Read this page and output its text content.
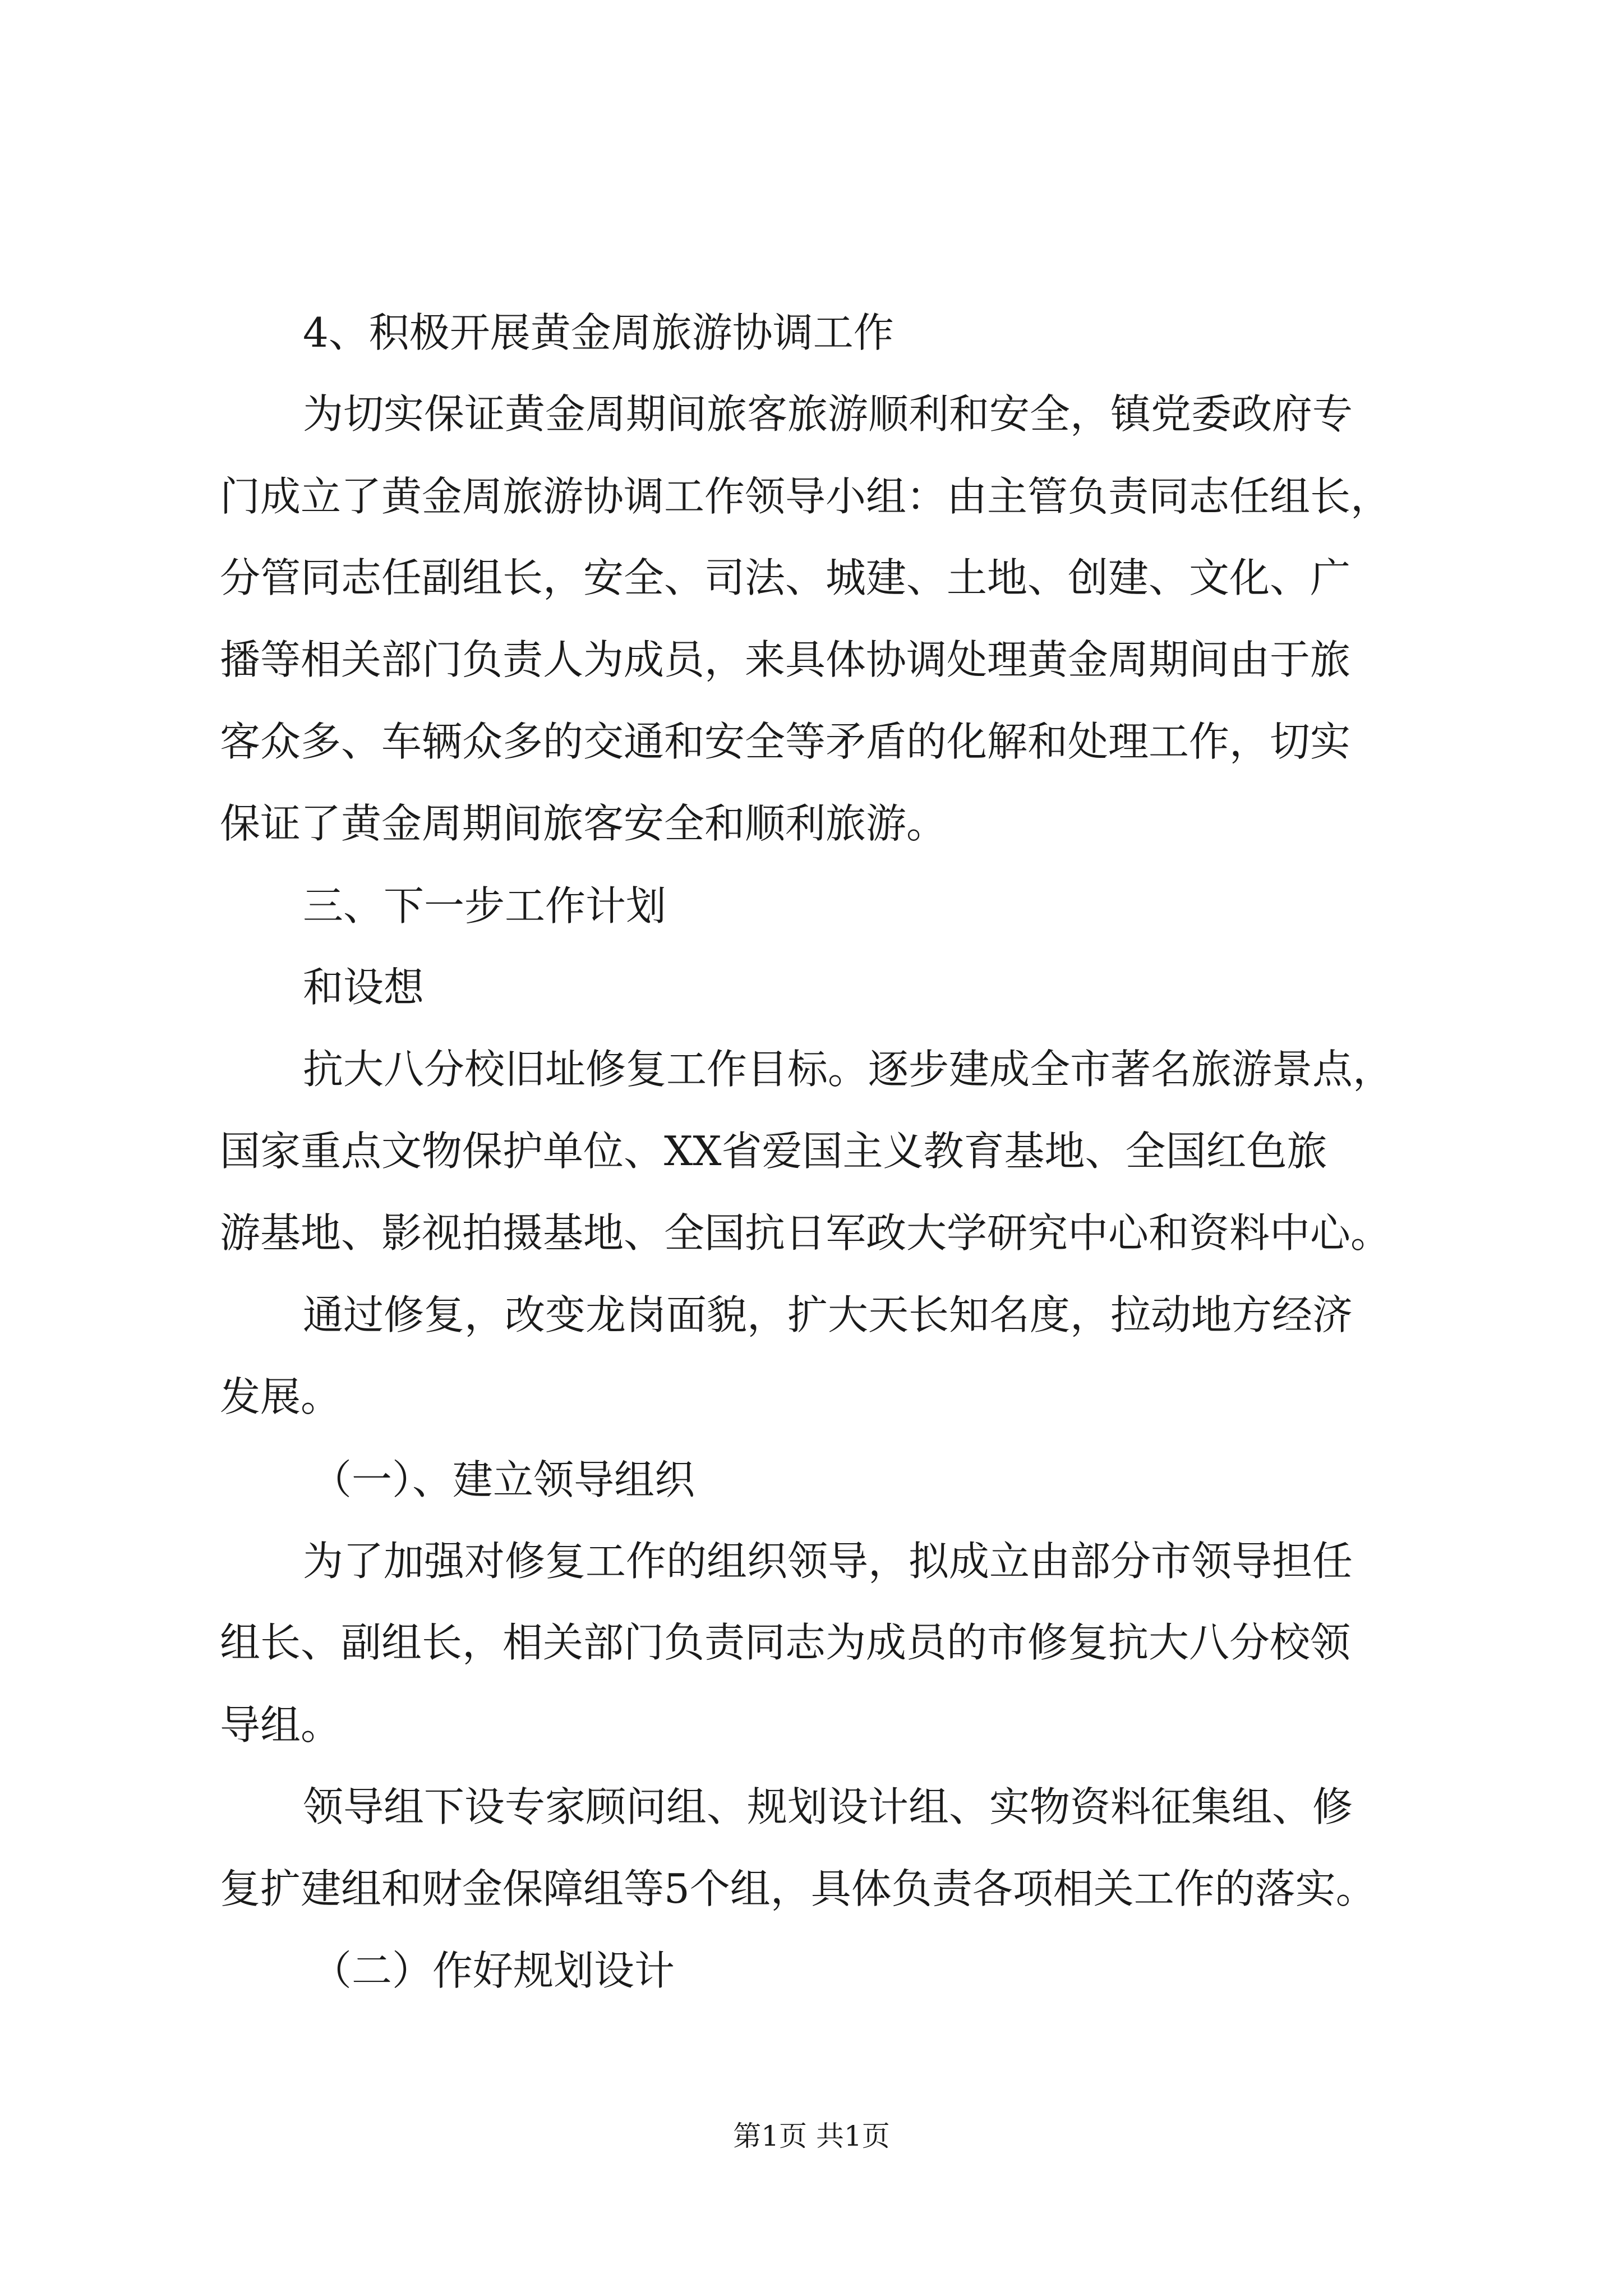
4、积极开展黄金周旅游协调工作
为切实保证黄金周期间旅客旅游顺利和安全，镇党委政府专
门成立了黄金周旅游协调工作领导小组：由主管负责同志任组长，
分管同志任副组长，安全、司法、城建、土地、创建、文化、广
播等相关部门负责人为成员，来具体协调处理黄金周期间由于旅
客众多、车辆众多的交通和安全等矛盾的化解和处理工作，切实
保证了黄金周期间旅客安全和顺利旅游。
三、下一步工作计划
和设想
抗大八分校旧址修复工作目标。逐步建成全市著名旅游景点，
国家重点文物保护单位、XX省爱国主义教育基地、全国红色旅
游基地、影视拍摄基地、全国抗日军政大学研究中心和资料中心。
通过修复，改变龙岗面貌，扩大天长知名度，拉动地方经济
发展。
（一）、建立领导组织
为了加强对修复工作的组织领导，拟成立由部分市领导担任
组长、副组长，相关部门负责同志为成员的市修复抗大八分校领
导组。
领导组下设专家顾问组、规划设计组、实物资料征集组、修
复扩建组和财金保障组等5个组，具体负责各项相关工作的落实。
（二）作好规划设计
第1页 共1页
